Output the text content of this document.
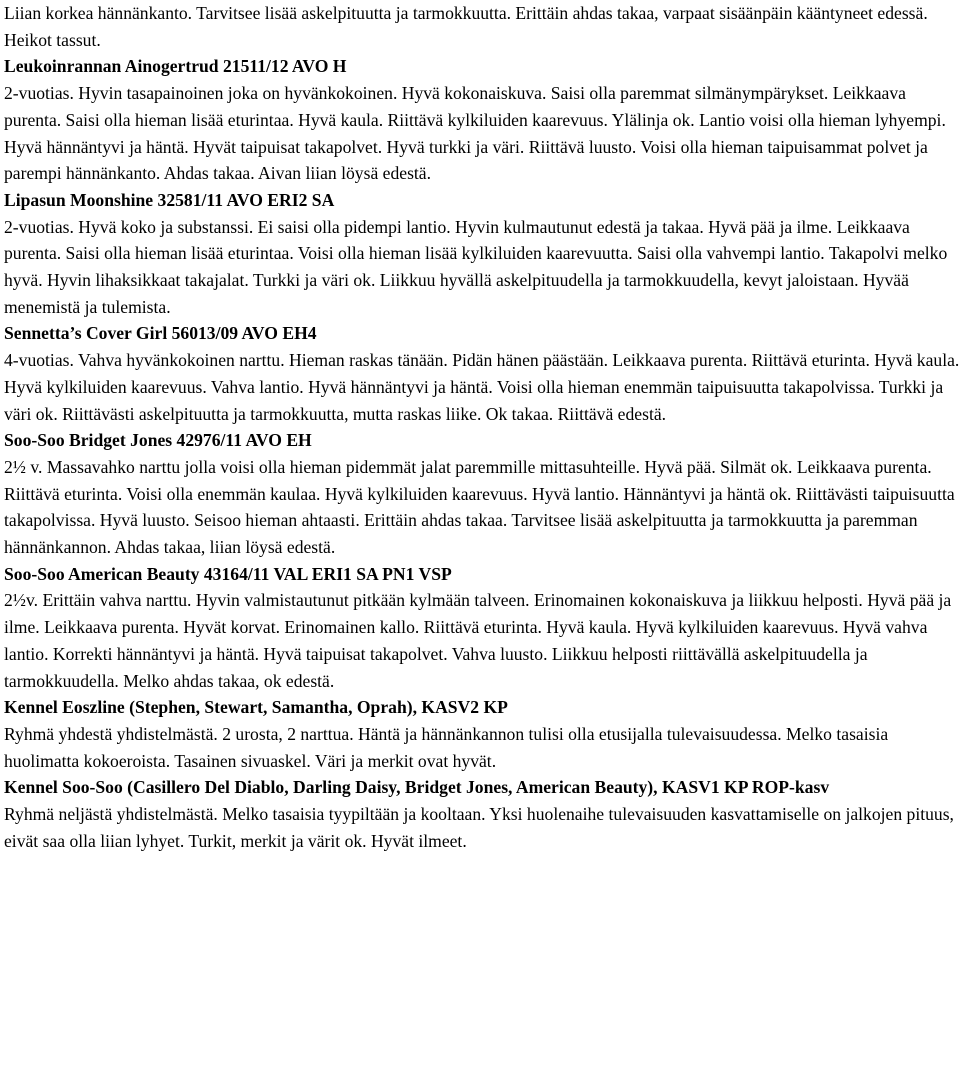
Liian korkea hännänkanto. Tarvitsee lisää askelpituutta ja tarmokkuutta. Erittäin ahdas takaa, varpaat sisäänpäin kääntyneet edessä. Heikot tassut.

Leukoinrannan Ainogertrud 21511/12 AVO H

2-vuotias. Hyvin tasapainoinen joka on hyvänkokoinen. Hyvä kokonaiskuva. Saisi olla paremmat silmänympärykset. Leikkaava purenta. Saisi olla hieman lisää eturintaa. Hyvä kaula. Riittävä kylkiluiden kaarevuus. Ylälinja ok. Lantio voisi olla hieman lyhyempi. Hyvä hännäntyvi ja häntä. Hyvät taipuisat takapolvet. Hyvä turkki ja väri. Riittävä luusto. Voisi olla hieman taipuisammat polvet ja parempi hännänkanto. Ahdas takaa. Aivan liian löysä edestä.

Lipasun Moonshine 32581/11 AVO ERI2 SA

2-vuotias. Hyvä koko ja substanssi. Ei saisi olla pidempi lantio. Hyvin kulmautunut edestä ja takaa. Hyvä pää ja ilme. Leikkaava purenta. Saisi olla hieman lisää eturintaa. Voisi olla hieman lisää kylkiluiden kaarevuutta. Saisi olla vahvempi lantio. Takapolvi melko hyvä. Hyvin lihaksikkaat takajalat. Turkki ja väri ok. Liikkuu hyvällä askelpituudella ja tarmokkuudella, kevyt jaloistaan. Hyvää menemistä ja tulemista.

Sennetta’s Cover Girl 56013/09 AVO EH4

4-vuotias. Vahva hyvänkokoinen narttu. Hieman raskas tänään. Pidän hänen päästään. Leikkaava purenta. Riittävä eturinta. Hyvä kaula. Hyvä kylkiluiden kaarevuus. Vahva lantio. Hyvä hännäntyvi ja häntä. Voisi olla hieman enemmän taipuisuutta takapolvissa. Turkki ja väri ok. Riittävästi askelpituutta ja tarmokkuutta, mutta raskas liike. Ok takaa. Riittävä edestä.

Soo-Soo Bridget Jones 42976/11 AVO EH

2½ v. Massavahko narttu jolla voisi olla hieman pidemmät jalat paremmille mittasuhteille. Hyvä pää. Silmät ok. Leikkaava purenta. Riittävä eturinta. Voisi olla enemmän kaulaa. Hyvä kylkiluiden kaarevuus. Hyvä lantio. Hännäntyvi ja häntä ok. Riittävästi taipuisuutta takapolvissa. Hyvä luusto. Seisoo hieman ahtaasti. Erittäin ahdas takaa. Tarvitsee lisää askelpituutta ja tarmokkuutta ja paremman hännänkannon. Ahdas takaa, liian löysä edestä.

Soo-Soo American Beauty 43164/11 VAL ERI1 SA PN1 VSP

2½v. Erittäin vahva narttu. Hyvin valmistautunut pitkään kylmään talveen. Erinomainen kokonaiskuva ja liikkuu helposti. Hyvä pää ja ilme. Leikkaava purenta. Hyvät korvat. Erinomainen kallo. Riittävä eturinta. Hyvä kaula. Hyvä kylkiluiden kaarevuus. Hyvä vahva lantio. Korrekti hännäntyvi ja häntä. Hyvä taipuisat takapolvet. Vahva luusto. Liikkuu helposti riittävällä askelpituudella ja tarmokkuudella. Melko ahdas takaa, ok edestä.

Kennel Eoszline (Stephen, Stewart, Samantha, Oprah), KASV2 KP

Ryhmä yhdestä yhdistelmästä. 2 urosta, 2 narttua. Häntä ja hännänkannon tulisi olla etusijalla tulevaisuudessa. Melko tasaisia huolimatta kokoeroista. Tasainen sivuaskel. Väri ja merkit ovat hyvät.

Kennel Soo-Soo (Casillero Del Diablo, Darling Daisy, Bridget Jones, American Beauty), KASV1 KP ROP-kasv

Ryhmä neljästä yhdistelmästä. Melko tasaisia tyypiltään ja kooltaan. Yksi huolenaihe tulevaisuuden kasvattamiselle on jalkojen pituus, eivät saa olla liian lyhyet. Turkit, merkit ja värit ok. Hyvät ilmeet.
